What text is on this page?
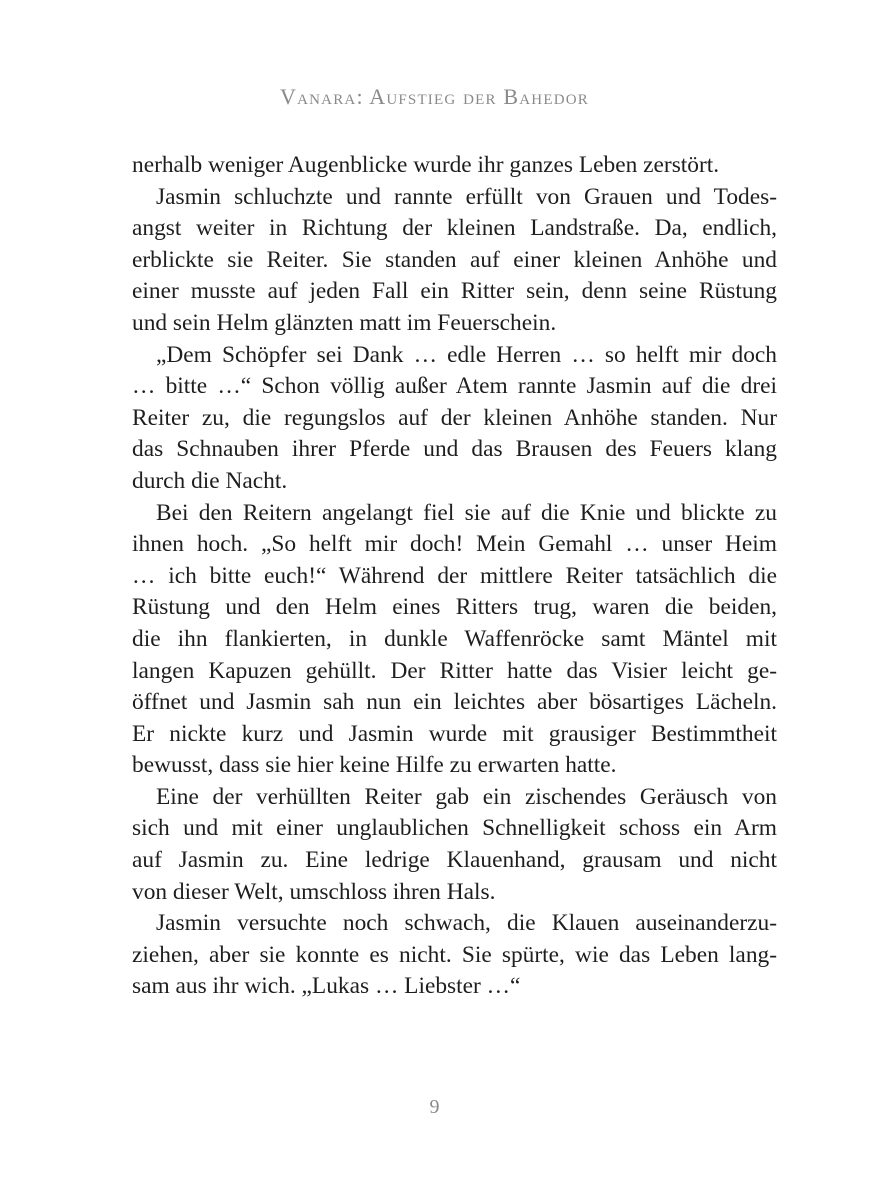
Vanara: Aufstieg der Bahedor
nerhalb weniger Augenblicke wurde ihr ganzes Leben zerstört.
Jasmin schluchzte und rannte erfüllt von Grauen und Todes-
angst weiter in Richtung der kleinen Landstraße. Da, endlich,
erblickte sie Reiter. Sie standen auf einer kleinen Anhöhe und
einer musste auf jeden Fall ein Ritter sein, denn seine Rüstung
und sein Helm glänzten matt im Feuerschein.
„Dem Schöpfer sei Dank … edle Herren … so helft mir doch
… bitte …“ Schon völlig außer Atem rannte Jasmin auf die drei
Reiter zu, die regungslos auf der kleinen Anhöhe standen. Nur
das Schnauben ihrer Pferde und das Brausen des Feuers klang
durch die Nacht.
Bei den Reitern angelangt fiel sie auf die Knie und blickte zu
ihnen hoch. „So helft mir doch! Mein Gemahl … unser Heim
… ich bitte euch!“ Während der mittlere Reiter tatsächlich die
Rüstung und den Helm eines Ritters trug, waren die beiden,
die ihn flankierten, in dunkle Waffenröcke samt Mäntel mit
langen Kapuzen gehüllt. Der Ritter hatte das Visier leicht ge-
öffnet und Jasmin sah nun ein leichtes aber bösartiges Lächeln.
Er nickte kurz und Jasmin wurde mit grausiger Bestimmtheit
bewusst, dass sie hier keine Hilfe zu erwarten hatte.
Eine der verhüllten Reiter gab ein zischendes Geräusch von
sich und mit einer unglaublichen Schnelligkeit schoss ein Arm
auf Jasmin zu. Eine ledrige Klauenhand, grausam und nicht
von dieser Welt, umschloss ihren Hals.
Jasmin versuchte noch schwach, die Klauen auseinanderzu-
ziehen, aber sie konnte es nicht. Sie spürte, wie das Leben lang-
sam aus ihr wich. „Lukas … Liebster …“
9
